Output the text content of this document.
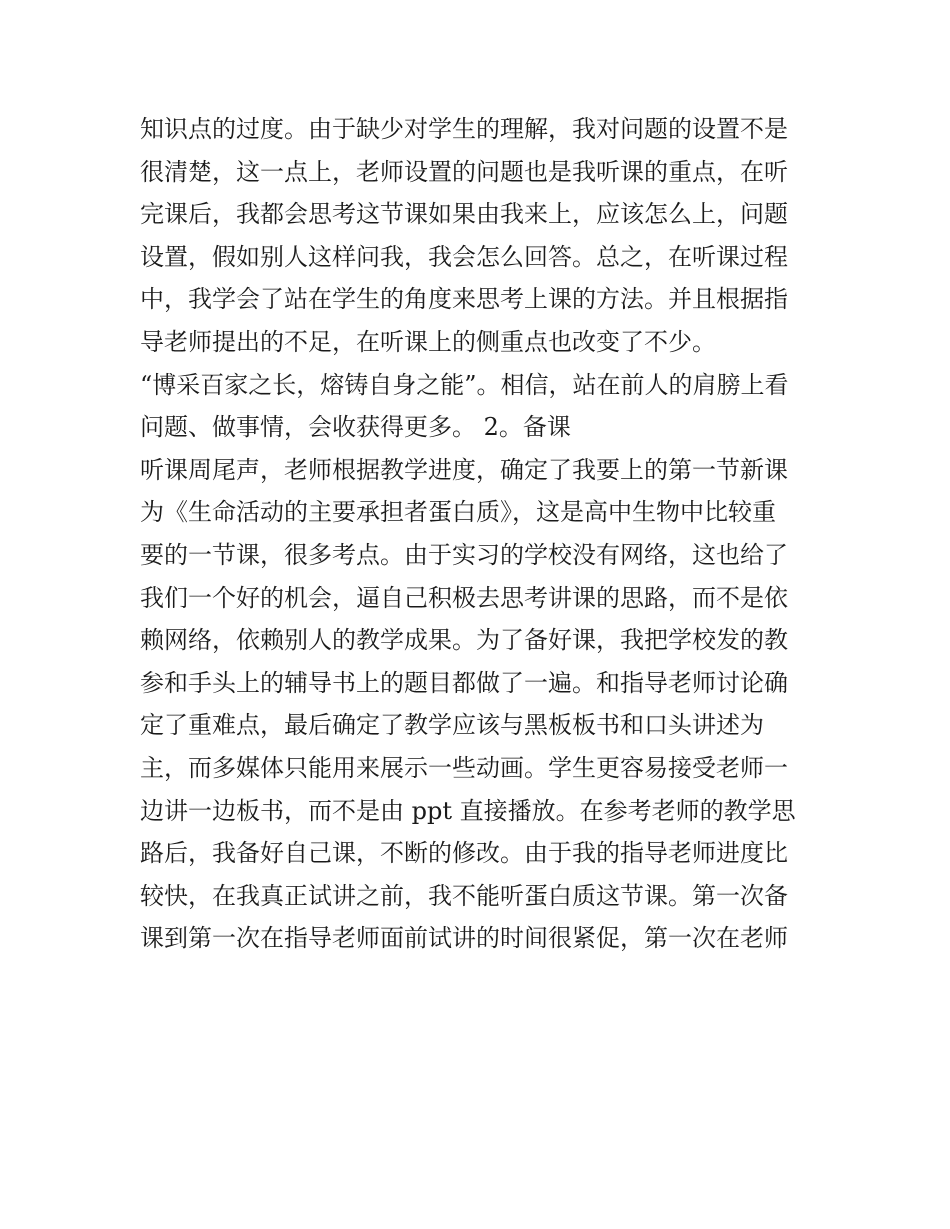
知识点的过度。由于缺少对学生的理解，我对问题的设置不是
很清楚，这一点上，老师设置的问题也是我听课的重点，在听
完课后，我都会思考这节课如果由我来上，应该怎么上，问题
设置，假如别人这样问我，我会怎么回答。总之，在听课过程
中，我学会了站在学生的角度来思考上课的方法。并且根据指
导老师提出的不足，在听课上的侧重点也改变了不少。
“博采百家之长，熔铸自身之能”。相信，站在前人的肩膀上看
问题、做事情，会收获得更多。 2。备课
听课周尾声，老师根据教学进度，确定了我要上的第一节新课
为《生命活动的主要承担者蛋白质》，这是高中生物中比较重
要的一节课，很多考点。由于实习的学校没有网络，这也给了
我们一个好的机会，逼自己积极去思考讲课的思路，而不是依
赖网络，依赖别人的教学成果。为了备好课，我把学校发的教
参和手头上的辅导书上的题目都做了一遍。和指导老师讨论确
定了重难点，最后确定了教学应该与黑板板书和口头讲述为
主，而多媒体只能用来展示一些动画。学生更容易接受老师一
边讲一边板书，而不是由 ppt 直接播放。在参考老师的教学思
路后，我备好自己课，不断的修改。由于我的指导老师进度比
较快，在我真正试讲之前，我不能听蛋白质这节课。第一次备
课到第一次在指导老师面前试讲的时间很紧促，第一次在老师
